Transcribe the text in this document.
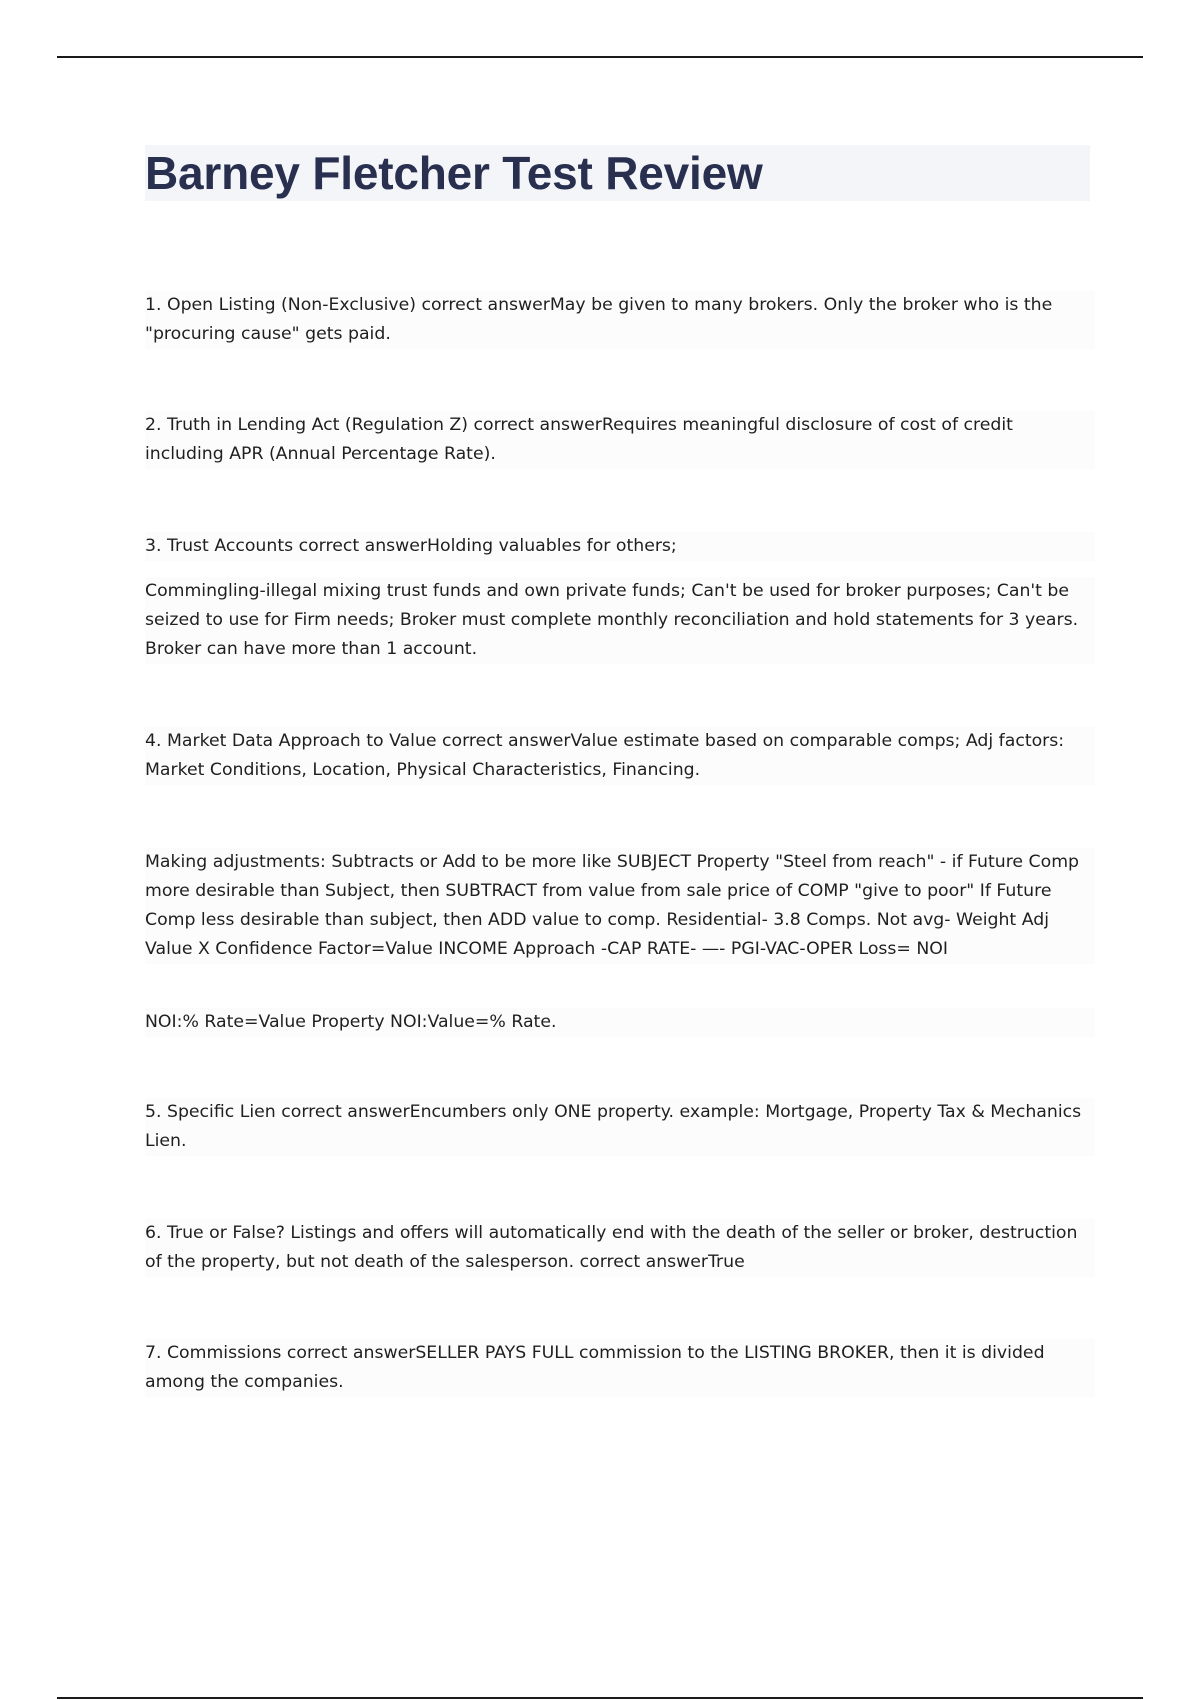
Barney Fletcher Test Review

1. Open Listing (Non-Exclusive) correct answerMay be given to many brokers. Only the broker who is the "procuring cause" gets paid.

2. Truth in Lending Act (Regulation Z) correct answerRequires meaningful disclosure of cost of credit including APR (Annual Percentage Rate).

3. Trust Accounts correct answerHolding valuables for others;

Commingling-illegal mixing trust funds and own private funds; Can't be used for broker purposes; Can't be seized to use for Firm needs; Broker must complete monthly reconciliation and hold statements for 3 years. Broker can have more than 1 account.

4. Market Data Approach to Value correct answerValue estimate based on comparable comps; Adj factors: Market Conditions, Location, Physical Characteristics, Financing.

Making adjustments: Subtracts or Add to be more like SUBJECT Property "Steel from reach" - if Future Comp more desirable than Subject, then SUBTRACT from value from sale price of COMP "give to poor" If Future Comp less desirable than subject, then ADD value to comp. Residential- 3.8 Comps. Not avg- Weight Adj Value X Confidence Factor=Value INCOME Approach -CAP RATE- —- PGI-VAC-OPER Loss= NOI

NOI:% Rate=Value Property NOI:Value=% Rate.

5. Specific Lien correct answerEncumbers only ONE property. example: Mortgage, Property Tax & Mechanics Lien.

6. True or False? Listings and offers will automatically end with the death of the seller or broker, destruction of the property, but not death of the salesperson. correct answerTrue

7. Commissions correct answerSELLER PAYS FULL commission to the LISTING BROKER, then it is divided among the companies.
